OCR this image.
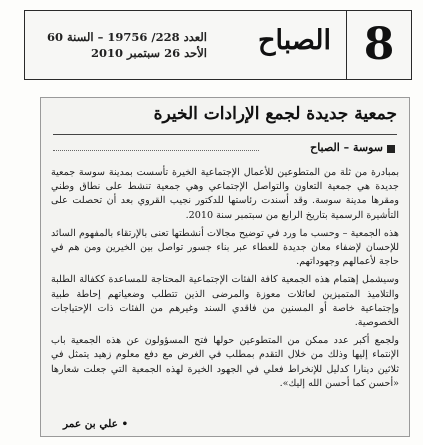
8
الصباح
العدد 228/ 19756 – السنة 60
الأحد 26 سبتمبر 2010
جمعية جديدة لجمع الإرادات الخيرة
سوسة – الصباح

بمبادرة من ثلة من المتطوعين للأعمال الإجتماعية الخيرة تأسست بمدينة سوسة جمعية جديدة هي جمعية التعاون والتواصل الإجتماعي وهي جمعية تنشط على نطاق وطني ومقرها مدينة سوسة. وقد أسندت رئاستها للدكتور نجيب القروي بعد أن تحصلت على التأشيرة الرسمية بتاريخ الرابع من سبتمبر سنة 2010.

هذه الجمعية – وحسب ما ورد في توضيح مجالات أنشطتها تعنى بالإرتقاء بالمفهوم السائد للإحسان لإضفاء معان جديدة للعطاء عبر بناء جسور تواصل بين الخيرين ومن هم في حاجة لأعمالهم وجهوداتهم.

وسيشمل إهتمام هذه الجمعية كافة الفئات الإجتماعية المحتاجة للمساعدة ككفالة الطلبة والتلاميذ المتميزين لعائلات معوزة والمرضى الذين تتطلب وضعياتهم إحاطة طبية وإجتماعية خاصة أو المسنين من فاقدي السند وغيرهم من الفئات ذات الإحتياجات الخصوصية.

ولجمع أكبر عدد ممكن من المتطوعين حولها فتح المسؤولون عن هذه الجمعية باب الإنتماء إليها وذلك من خلال التقدم بمطلب في الغرض مع دفع معلوم زهيد يتمثل في ثلاثين دينارا كدليل للإنخراط فعلي في الجهود الخيرة لهذه الجمعية التي جعلت شعارها «أحسن كما أحسن الله إليك».

• علي بن عمر
